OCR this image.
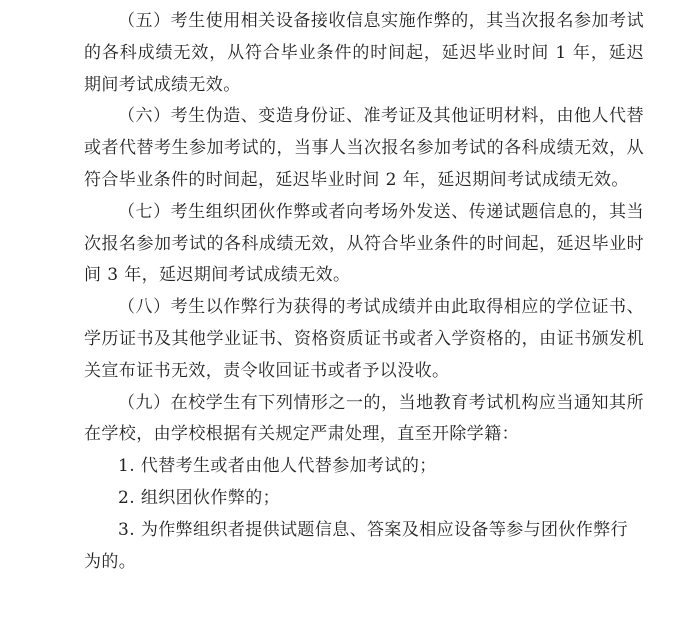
（五）考生使用相关设备接收信息实施作弊的，其当次报名参加考试的各科成绩无效，从符合毕业条件的时间起，延迟毕业时间 1 年，延迟期间考试成绩无效。

（六）考生伪造、变造身份证、准考证及其他证明材料，由他人代替或者代替考生参加考试的，当事人当次报名参加考试的各科成绩无效，从符合毕业条件的时间起，延迟毕业时间 2 年，延迟期间考试成绩无效。

（七）考生组织团伙作弊或者向考场外发送、传递试题信息的，其当次报名参加考试的各科成绩无效，从符合毕业条件的时间起，延迟毕业时间 3 年，延迟期间考试成绩无效。

（八）考生以作弊行为获得的考试成绩并由此取得相应的学位证书、学历证书及其他学业证书、资格资质证书或者入学资格的，由证书颁发机关宣布证书无效，责令收回证书或者予以没收。

（九）在校学生有下列情形之一的，当地教育考试机构应当通知其所在学校，由学校根据有关规定严肃处理，直至开除学籍：

1. 代替考生或者由他人代替参加考试的；

2. 组织团伙作弊的；

3. 为作弊组织者提供试题信息、答案及相应设备等参与团伙作弊行为的。
